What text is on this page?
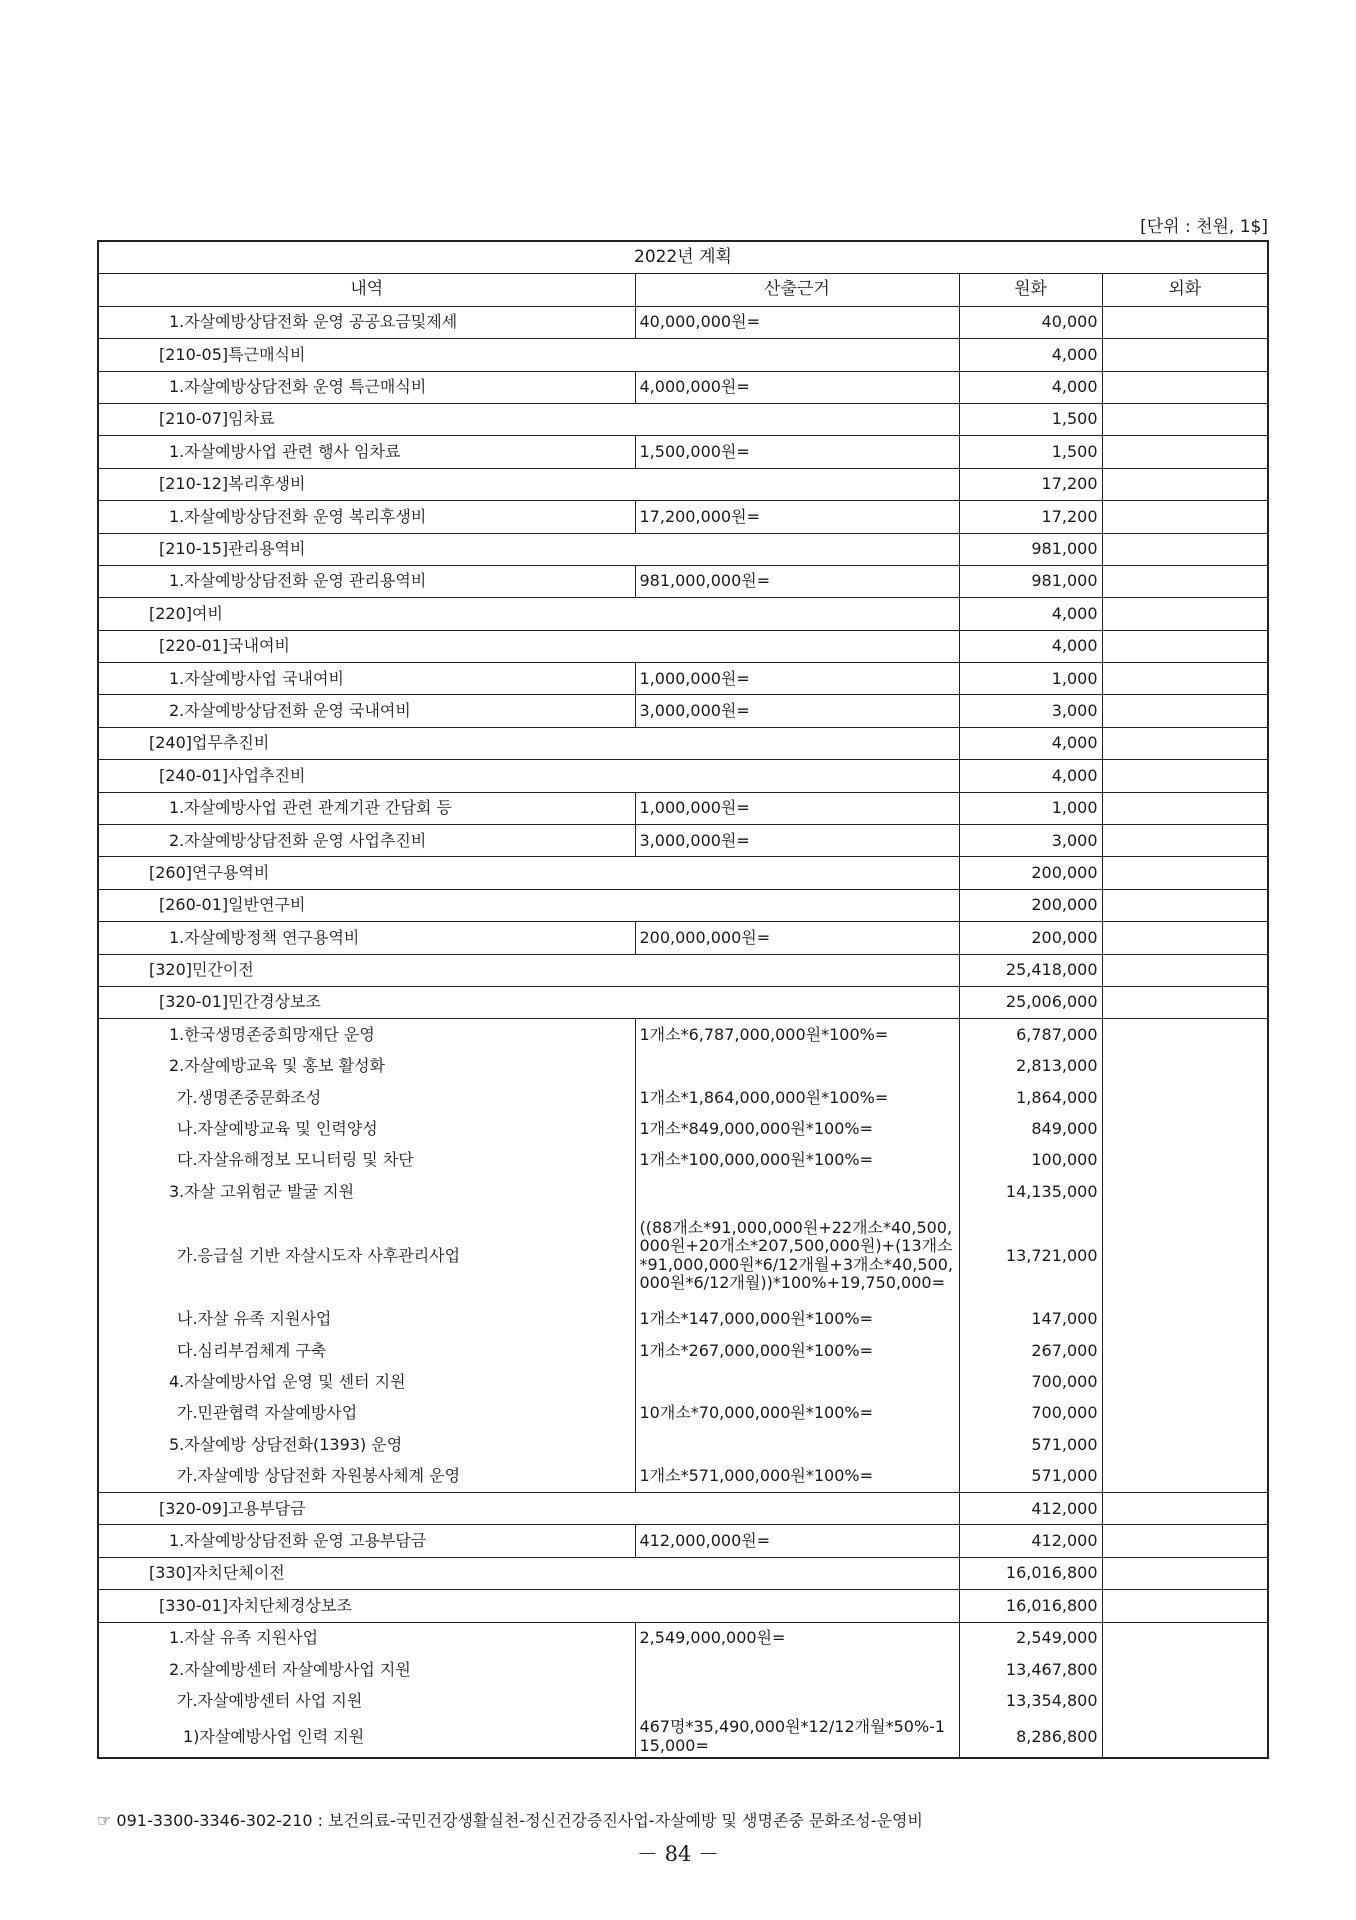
[단위 : 천원, 1$]
2022년 계획			
내역	산출근거	원화	외화
1.자살예방상담전화 운영 공공요금및제세	40,000,000원=	40,000	
[210-05]특근매식비		4,000	
1.자살예방상담전화 운영 특근매식비	4,000,000원=	4,000	
[210-07]임차료		1,500	
1.자살예방사업 관련 행사 임차료	1,500,000원=	1,500	
[210-12]복리후생비		17,200	
1.자살예방상담전화 운영 복리후생비	17,200,000원=	17,200	
[210-15]관리용역비		981,000	
1.자살예방상담전화 운영 관리용역비	981,000,000원=	981,000	
[220]여비		4,000	
[220-01]국내여비		4,000	
1.자살예방사업 국내여비	1,000,000원=	1,000	
2.자살예방상담전화 운영 국내여비	3,000,000원=	3,000	
[240]업무추진비		4,000	
[240-01]사업추진비		4,000	
1.자살예방사업 관련 관계기관 간담회 등	1,000,000원=	1,000	
2.자살예방상담전화 운영 사업추진비	3,000,000원=	3,000	
[260]연구용역비		200,000	
[260-01]일반연구비		200,000	
1.자살예방정책 연구용역비	200,000,000원=	200,000	
[320]민간이전		25,418,000	
[320-01]민간경상보조		25,006,000	
1.한국생명존중희망재단 운영	1개소*6,787,000,000원*100%=	6,787,000	
2.자살예방교육 및 홍보 활성화		2,813,000	
가.생명존중문화조성	1개소*1,864,000,000원*100%=	1,864,000	
나.자살예방교육 및 인력양성	1개소*849,000,000원*100%=	849,000	
다.자살유해정보 모니터링 및 차단	1개소*100,000,000원*100%=	100,000	
3.자살 고위험군 발굴 지원		14,135,000	
가.응급실 기반 자살시도자 사후관리사업	((88개소*91,000,000원+22개소*40,500,000원+20개소*207,500,000원)+(13개소*91,000,000원*6/12개월+3개소*40,500,000원*6/12개월))*100%+19,750,000=	13,721,000	
나.자살 유족 지원사업	1개소*147,000,000원*100%=	147,000	
다.심리부검체계 구축	1개소*267,000,000원*100%=	267,000	
4.자살예방사업 운영 및 센터 지원		700,000	
가.민관협력 자살예방사업	10개소*70,000,000원*100%=	700,000	
5.자살예방 상담전화(1393) 운영		571,000	
가.자살예방 상담전화 자원봉사체계 운영	1개소*571,000,000원*100%=	571,000	
[320-09]고용부담금		412,000	
1.자살예방상담전화 운영 고용부담금	412,000,000원=	412,000	
[330]자치단체이전		16,016,800	
[330-01]자치단체경상보조		16,016,800	
1.자살 유족 지원사업	2,549,000,000원=	2,549,000	
2.자살예방센터 자살예방사업 지원		13,467,800	
가.자살예방센터 사업 지원		13,354,800	
1)자살예방사업 인력 지원	467명*35,490,000원*12/12개월*50%-115,000=	8,286,800	
☞ 091-3300-3346-302-210 : 보건의료-국민건강생활실천-정신건강증진사업-자살예방 및 생명존중 문화조성-운영비
－ 84 －
